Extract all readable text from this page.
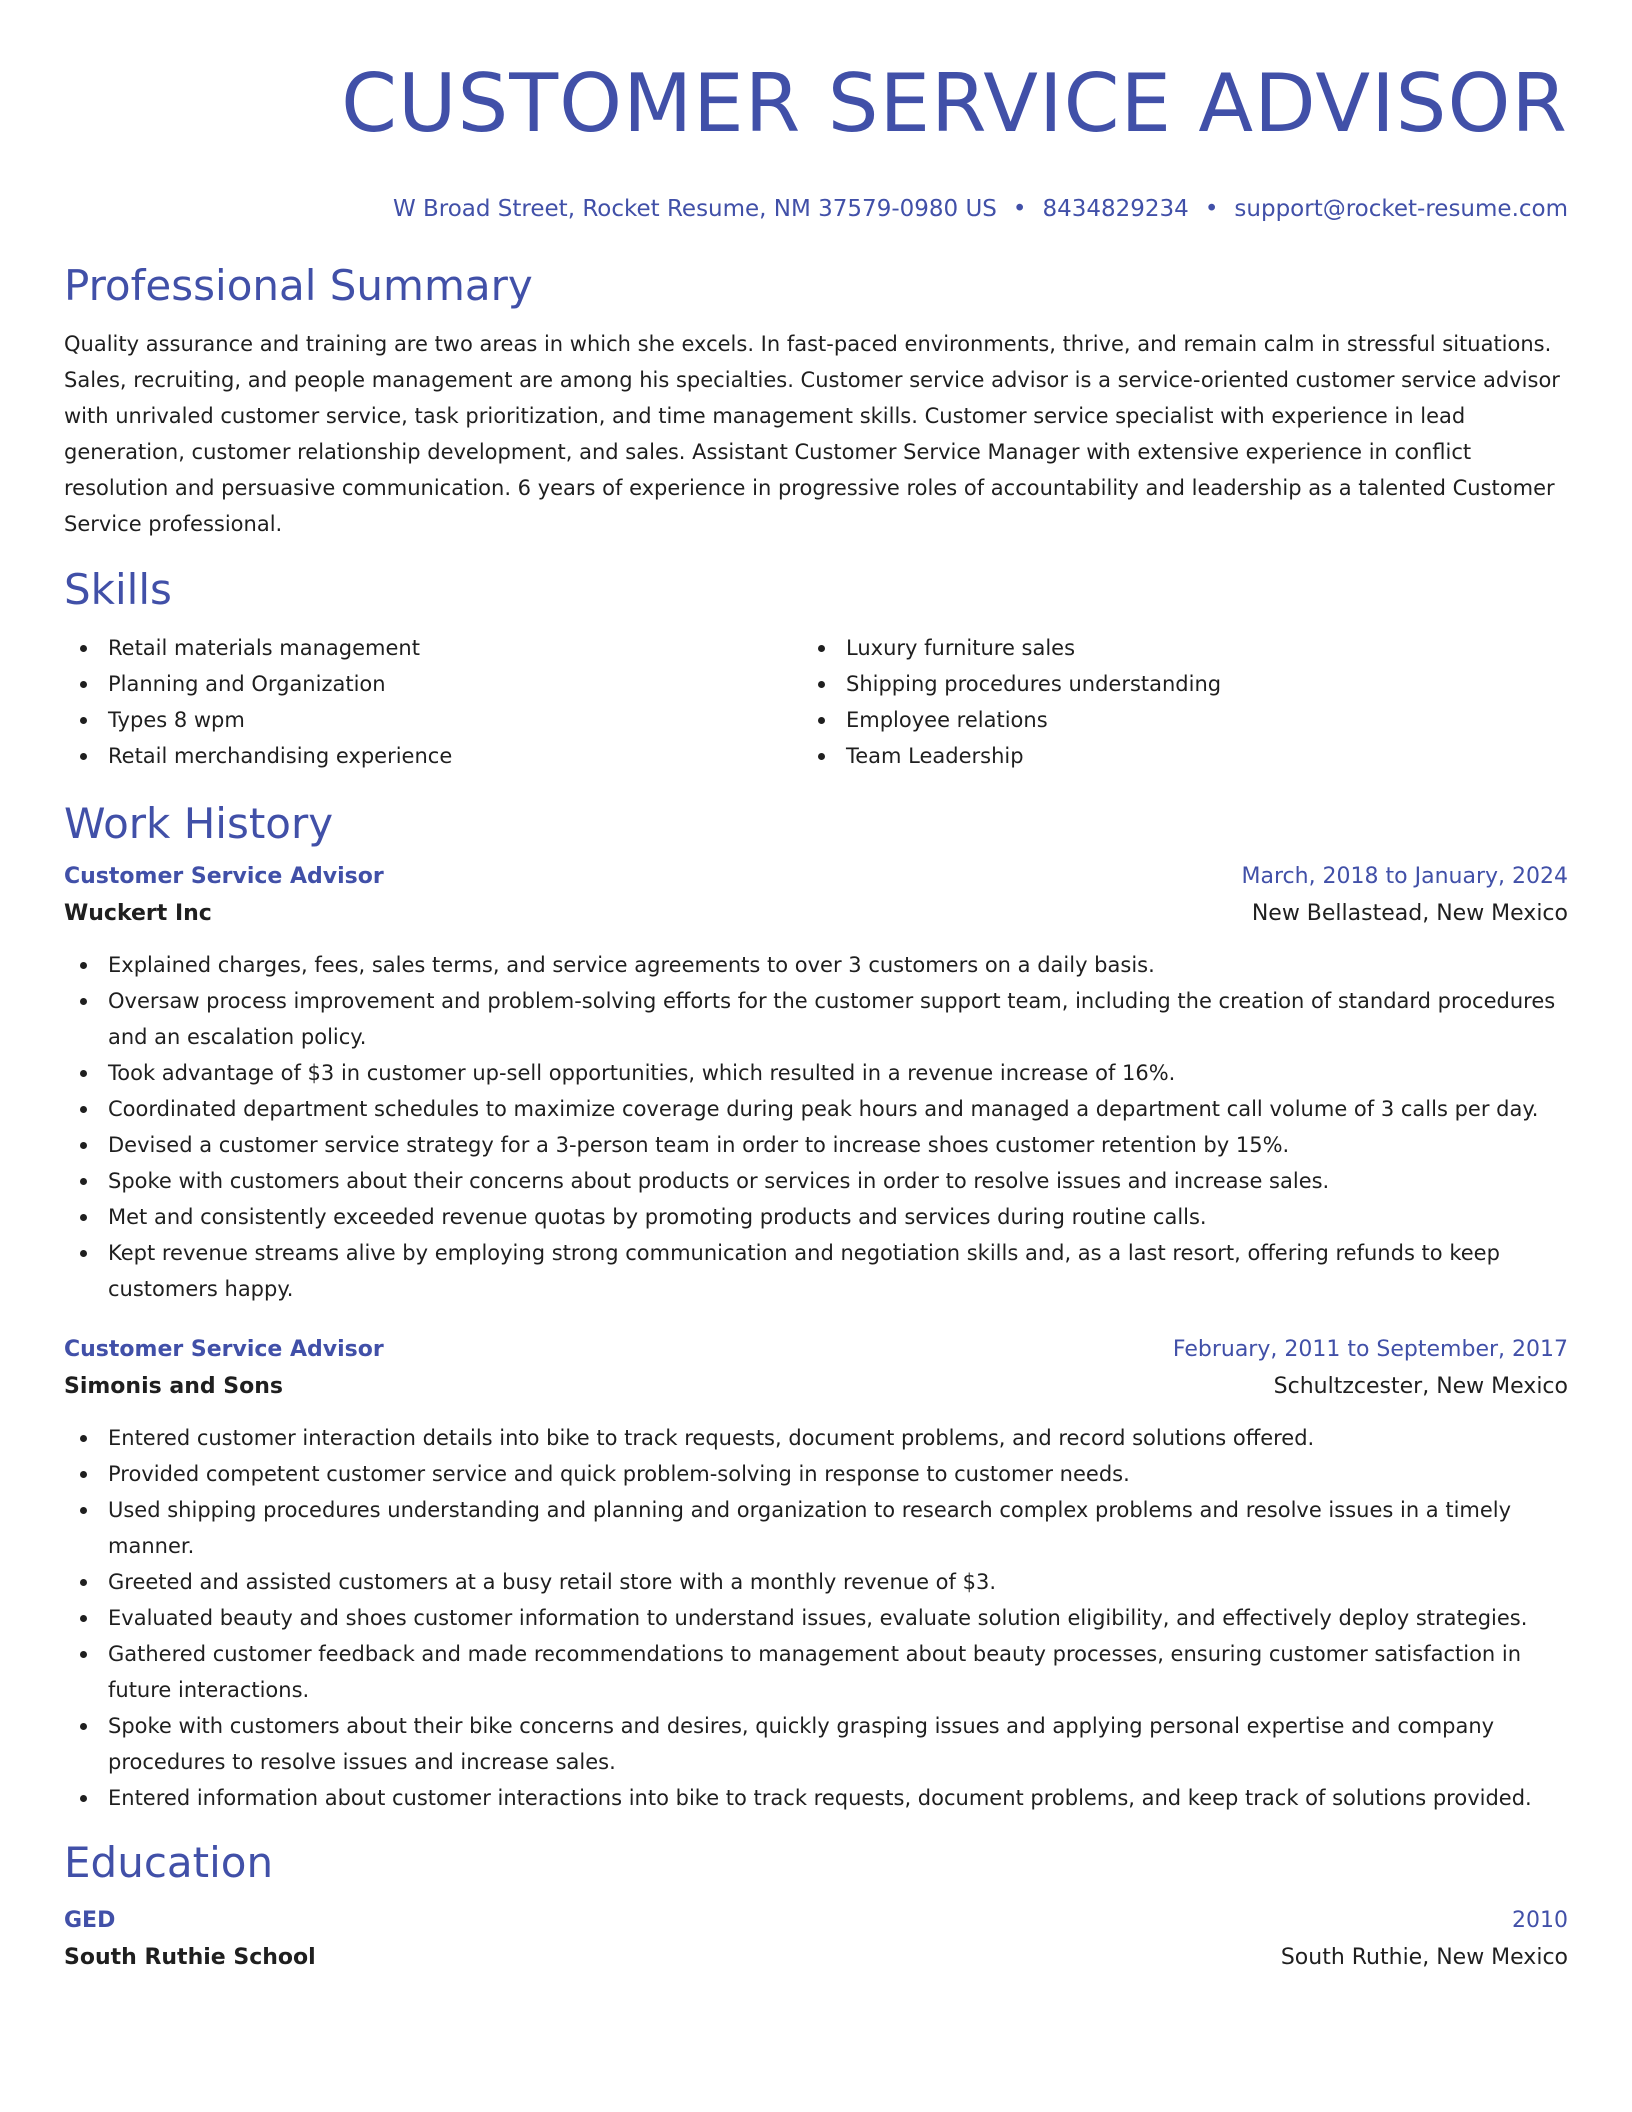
CUSTOMER SERVICE ADVISOR
W Broad Street, Rocket Resume, NM 37579-0980 US • 8434829234 • support@rocket-resume.com
Professional Summary

Quality assurance and training are two areas in which she excels. In fast-paced environments, thrive, and remain calm in stressful situations. Sales, recruiting, and people management are among his specialties. Customer service advisor is a service-oriented customer service advisor with unrivaled customer service, task prioritization, and time management skills. Customer service specialist with experience in lead generation, customer relationship development, and sales. Assistant Customer Service Manager with extensive experience in conflict resolution and persuasive communication. 6 years of experience in progressive roles of accountability and leadership as a talented Customer Service professional.

Skills
Retail materials management
Planning and Organization
Types 8 wpm
Retail merchandising experience
Luxury furniture sales
Shipping procedures understanding
Employee relations
Team Leadership
Work History
Customer Service Advisor	March, 2018 to January, 2024
Wuckert Inc	New Bellastead, New Mexico
Explained charges, fees, sales terms, and service agreements to over 3 customers on a daily basis.
Oversaw process improvement and problem-solving efforts for the customer support team, including the creation of standard procedures and an escalation policy.
Took advantage of $3 in customer up-sell opportunities, which resulted in a revenue increase of 16%.
Coordinated department schedules to maximize coverage during peak hours and managed a department call volume of 3 calls per day.
Devised a customer service strategy for a 3-person team in order to increase shoes customer retention by 15%.
Spoke with customers about their concerns about products or services in order to resolve issues and increase sales.
Met and consistently exceeded revenue quotas by promoting products and services during routine calls.
Kept revenue streams alive by employing strong communication and negotiation skills and, as a last resort, offering refunds to keep customers happy.
Customer Service Advisor	February, 2011 to September, 2017
Simonis and Sons	Schultzcester, New Mexico
Entered customer interaction details into bike to track requests, document problems, and record solutions offered.
Provided competent customer service and quick problem-solving in response to customer needs.
Used shipping procedures understanding and planning and organization to research complex problems and resolve issues in a timely manner.
Greeted and assisted customers at a busy retail store with a monthly revenue of $3.
Evaluated beauty and shoes customer information to understand issues, evaluate solution eligibility, and effectively deploy strategies.
Gathered customer feedback and made recommendations to management about beauty processes, ensuring customer satisfaction in future interactions.
Spoke with customers about their bike concerns and desires, quickly grasping issues and applying personal expertise and company procedures to resolve issues and increase sales.
Entered information about customer interactions into bike to track requests, document problems, and keep track of solutions provided.
Education
GED	2010
South Ruthie School	South Ruthie, New Mexico
